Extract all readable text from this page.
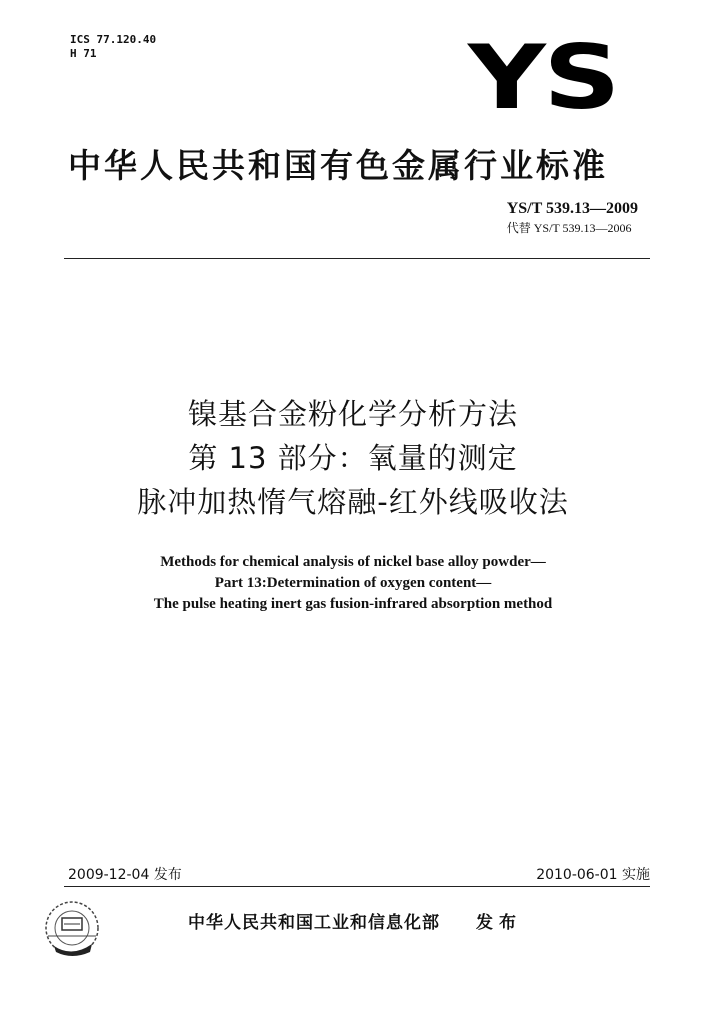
ICS 77.120.40
H 71	YS
中华人民共和国有色金属行业标准
YS/T 539.13—2009
代替 YS/T 539.13—2006
镍基合金粉化学分析方法
第 13 部分：氧量的测定
脉冲加热惰气熔融-红外线吸收法
Methods for chemical analysis of nickel base alloy powder—
Part 13:Determination of oxygen content—
The pulse heating inert gas fusion-infrared absorption method
2009-12-04 发布	2010-06-01 实施
中华人民共和国工业和信息化部 发布
